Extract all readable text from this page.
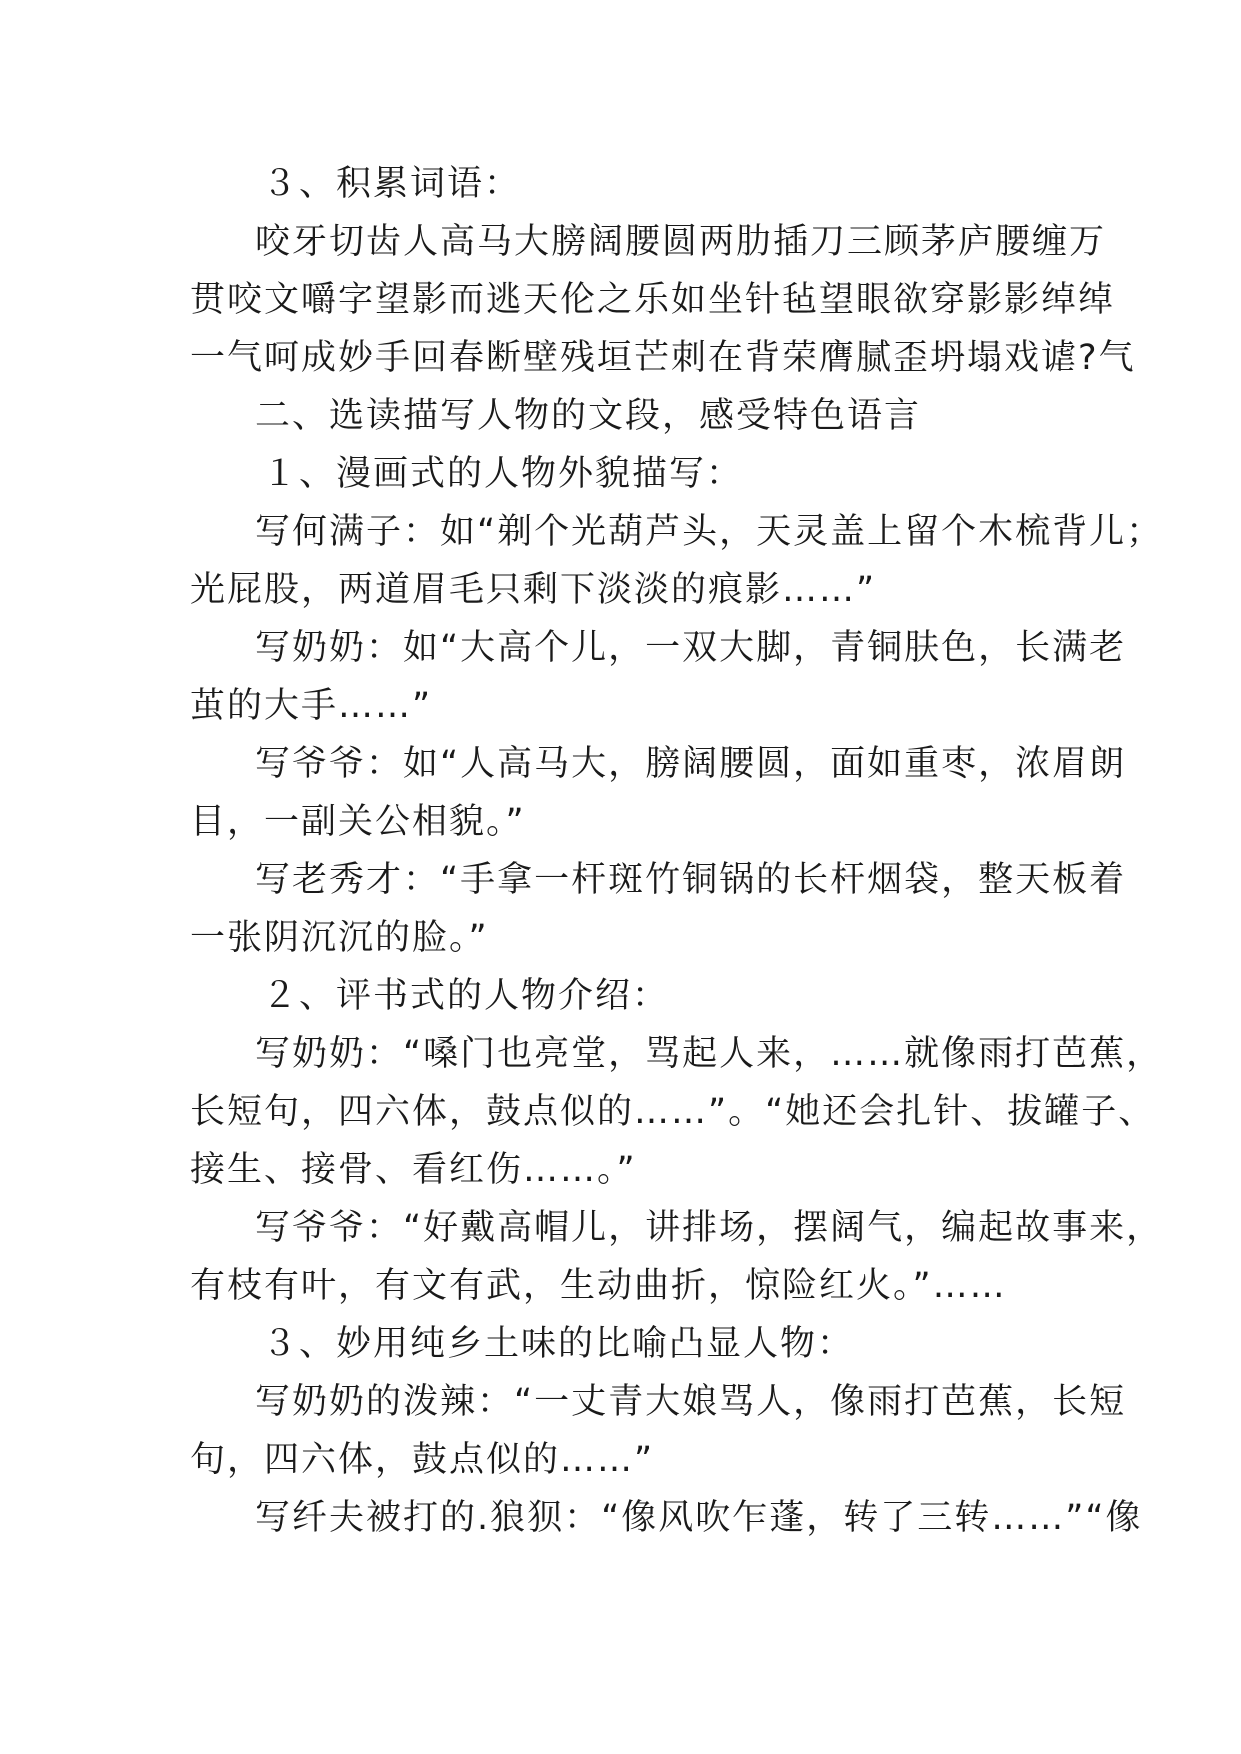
３、积累词语：
咬牙切齿人高马大膀阔腰圆两肋插刀三顾茅庐腰缠万
贯咬文嚼字望影而逃天伦之乐如坐针毡望眼欲穿影影绰绰
一气呵成妙手回春断壁残垣芒刺在背荣膺腻歪坍塌戏谑?气
二、选读描写人物的文段，感受特色语言
１、漫画式的人物外貌描写：
写何满子：如“剃个光葫芦头，天灵盖上留个木梳背儿；
光屁股，两道眉毛只剩下淡淡的痕影……”
写奶奶：如“大高个儿，一双大脚，青铜肤色，长满老
茧的大手……”
写爷爷：如“人高马大，膀阔腰圆，面如重枣，浓眉朗
目，一副关公相貌。”
写老秀才：“手拿一杆斑竹铜锅的长杆烟袋，整天板着
一张阴沉沉的脸。”
２、评书式的人物介绍：
写奶奶：“嗓门也亮堂，骂起人来，……就像雨打芭蕉，
长短句，四六体，鼓点似的……”。“她还会扎针、拔罐子、
接生、接骨、看红伤……。”
写爷爷：“好戴高帽儿，讲排场，摆阔气，编起故事来，
有枝有叶，有文有武，生动曲折，惊险红火。”……
３、妙用纯乡土味的比喻凸显人物：
写奶奶的泼辣：“一丈青大娘骂人，像雨打芭蕉，长短
句，四六体，鼓点似的……”
写纤夫被打的.狼狈：“像风吹乍蓬，转了三转……”“像
